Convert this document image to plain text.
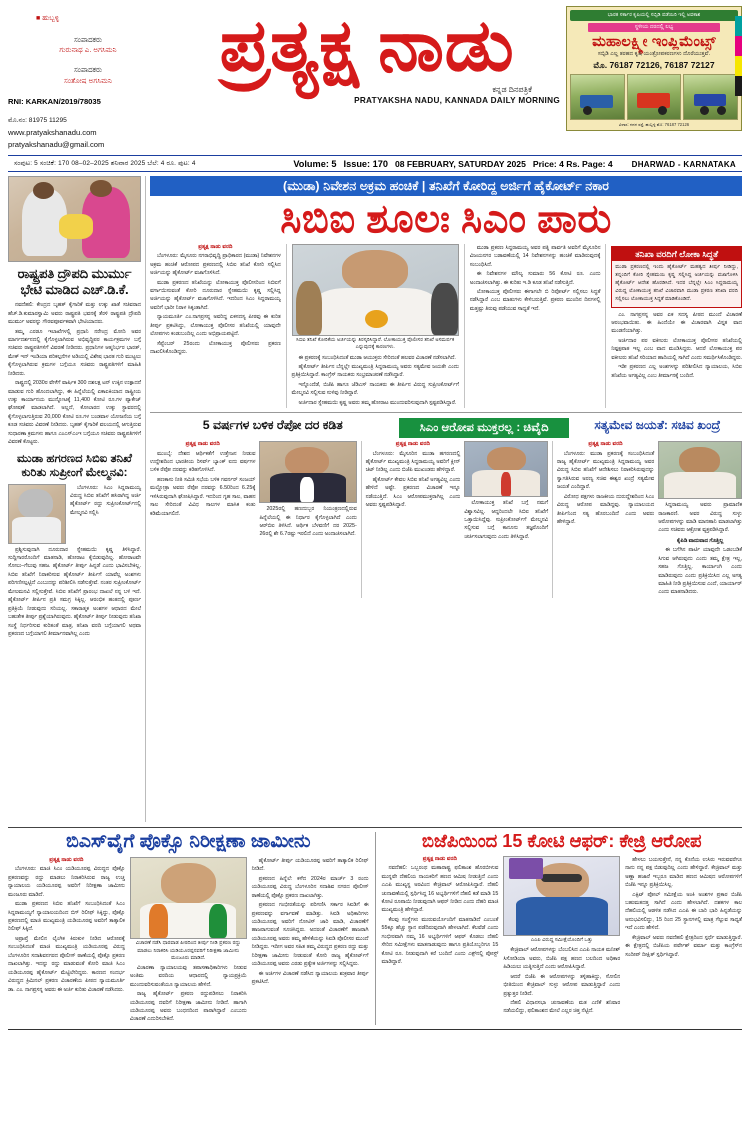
■ ಹುಬ್ಬಳ್ಳಿ
ಸಂಪಾದಕರು
ಗುರುನಾಥ ಎ. ಅಗಸಿಮನಿ
ಸಂಪಾದಕರು
ಸಂತೋಷ ಅಗಸಿಮನಿ
RNI: KARKAN/2019/78035
ಮೊ.ನಂ: 81975 11295
www.pratyakshanadu.com
pratyakshanadu@gmail.com
ಪ್ರತ್ಯಕ್ಷ ನಾಡು
ಕನ್ನಡ ದಿನಪತ್ರಿಕೆ
PRATYAKSHA NADU, KANNADA DAILY MORNING
ಭಾರತ ಸರ್ಕಾರ ಕೃಷಿಯಲ್ಲಿ ಸಬ್ಸಿಡಿ ಪಡೆಯಿರಿ ಇಲ್ಲಿ ಅವಕಾಶ
ಸ್ಥಳೀಯ ದರದಲ್ಲಿ ಲಭ್ಯ
ಮಹಾಲಕ್ಷ್ಮೀ ಇಂಪ್ಲಿಮೆಂಟ್ಸ್
ಸಬ್ಸಿಡಿ ಎಲ್ಲ ತರಹದ ಕೃಷಿ ಯಂತ್ರೋಪಕರಣಗಳು ದೊರೆಯುತ್ತವೆ.
ಮೊ. 76187 72126, 76187 72127
ವಿಳಾಸ: ಗದಗ ರಸ್ತೆ, ಹುಬ್ಬಳ್ಳಿ ಮೊ: 76187 72126
ಸಂಪುಟ: 5 ಸಂಚಿಕೆ: 170 08–02–2025 ಶನಿವಾರ 2025 ಬೆಲೆ: 4 ರೂ. ಪುಟ: 4	Volume: 5 Issue: 170 08 FEBRUARY, SATURDAY 2025 Price: 4 Rs. Page: 4 DHARWAD - KARNATAKA
ರಾಷ್ಟ್ರಪತಿ ದ್ರೌಪದಿ ಮುರ್ಮು ಭೇಟಿ ಮಾಡಿದ ಎಚ್.ಡಿ.ಕೆ.

ನವದೆಹಲಿ: ಕೇಂದ್ರದ ಬೃಹತ್ ಕೈಗಾರಿಕೆ ಮತ್ತು ಉಕ್ಕು ಖಾತೆ ಸಚಿವರಾದ ಹೆಚ್.ಡಿ.ಕುಮಾರಸ್ವಾಮಿ ಅವರು ರಾಷ್ಟ್ರಪತಿ ಭವನಕ್ಕೆ ತೆರಳಿ ರಾಷ್ಟ್ರಪತಿ ದ್ರೌಪದಿ ಮುರ್ಮು ಅವರನ್ನು ಗೌರವಪೂರ್ವಕವಾಗಿ ಭೇಟಿಯಾದರು.

ತಮ್ಮ ಎರಡೂ ಇಲಾಖೆಗಳಲ್ಲಿ ಪ್ರಧಾನಿ ನರೇಂದ್ರ ಮೋದಿ ಅವರ ಮಾರ್ಗದರ್ಶನದಲ್ಲಿ ಕೈಗೊಳ್ಳಲಾಗಿರುವ ಅಭಿವೃದ್ಧಿಪರ ಕಾರ್ಯಕ್ರಮಗಳ ಬಗ್ಗೆ ಸಚಿವರು ರಾಷ್ಟ್ರಪತಿಗಳಿಗೆ ವಿವರಣೆ ನೀಡಿದರು. ಪ್ರಧಾನಿಗಳ ಆತ್ಮನಿರ್ಭರ ಭಾರತ್, ಮೇಕ್ ಇನ್ ಇಂಡಿಯಾ ಪರಿಕಲ್ಪನೆಗಳ ಅಡಿಯಲ್ಲಿ ವಿಶೇಷ ಭಾರತ ಗುರಿ ಮುಟ್ಟಲು ಕೈಗೊಳ್ಳಲಾಗಿರುವ ಕ್ರಮಗಳ ಬಗ್ಗೆಯೂ ಸಚಿವರು ರಾಷ್ಟ್ರಪತಿಗಳಿಗೆ ಮಾಹಿತಿ ನೀಡಿದರು.

ರಾಷ್ಟ್ರದಲ್ಲಿ 2030ರ ವೇಳೆಗೆ ವಾರ್ಷಿಕ 300 ದಶಲಕ್ಷ ಟನ್ ಉಕ್ಕಿನ ಉತ್ಪಾದನೆ ಮಾಡುವ ಗುರಿ ಹೊಂದಲಾಗಿದ್ದು, ಈ ಹಿನ್ನೆಲೆಯಲ್ಲಿ ಏಕಾಏಕಿಯಾದ ರಾಷ್ಟ್ರೀಯ ಉಕ್ಕು ಕಾರ್ಯಾನಯ ಮುನ್ನೋಟಕ್ಕೆ 11,400 ಕೋಟಿ ರೂ.ಗಳ ಪ್ಯಾಕೇಜ್ ಘೋಷಣೆ ಮಾಡಲಾಗಿದೆ. ಅಲ್ಲದೆ, ಕೋಲಾರದ ಉಕ್ಕು ಸ್ಥಾವರದಲ್ಲಿ ಕೈಗೊಳ್ಳಲಾಗುತ್ತಿರುವ 20,000 ಕೋಟಿ ರೂ.ಗಳ ಬಂಡವಾಳ ಯೋಜನೆಯ ಬಗ್ಗೆ ಕೂಡ ಸಚಿವರು ವಿವರಣೆ ನೀಡಿದರು. ಬೃಹತ್ ಕೈಗಾರಿಕೆ ವಲಯದಲ್ಲಿ ಆಗುತ್ತಿರುವ ಸುಧಾರಣಾ ಕ್ರಮಗಳು ಹಾಗೂ ಎಂಎಸ್‌ಎಂಇ ಬಗ್ಗೆಯೂ ಸಚಿವರು ರಾಷ್ಟ್ರಪತಿಗಳಿಗೆ ವಿವರಣೆ ಕೊಟ್ಟರು.

ಮುಡಾ ಹಗರಣದ ಸಿಬಿಐ ತನಿಖೆ ಕುರಿತು ಸುಪ್ರೀಂಗೆ ಮೇಲ್ಮನವಿ:

ಬೆಂಗಳೂರು: ಸಿಎಂ ಸಿದ್ದರಾಮಯ್ಯ ವಿರುದ್ಧ ಸಿಬಿಐ ತನಿಖೆಗೆ ಹಸಿರಾಗಿದ್ದ ಅರ್ಜಿ ಹೈಕೋರ್ಟ್ ರದ್ದು ಸುಪ್ರೀಂಕೋರ್ಟ್‌ನಲ್ಲಿ ಮೇಲ್ಮನವಿ ಸಲ್ಲಿಸಿ

ಪ್ರಶ್ನಿಸುವುದಾಗಿ ದೂರುದಾರ ಸ್ನೇಹಮಯಿ ಕೃಷ್ಣ ತಿಳಿಸಿದ್ದಾರೆ. ಸುದ್ದಿಗಾರರೊಂದಿಗೆ ಮಾತನಾಡಿ, ಹೋರಾಟ ಕೈಬಿಡುವುದಿಲ್ಲ. ಹೋರಾಟವೇ ಸೋಲು–ಗೆಲುವು ಸಹಜ. ಹೈಕೋರ್ಟ್ ತೀರ್ಪು ಹಿನ್ನಡೆ ಎಂದು ಭಾವಿಸಬೇಕಿಲ್ಲ. ಸಿಬಿಐ ತನಿಖೆಗೆ ನಿರಾಕರಿಸುವ ಹೈಕೋರ್ಟ್ ತೀರ್ಪಿಗೆ ಯಾವೆಲ್ಲ ಅಂಶಗಳು ಪರಿಗಣಿಸಲ್ಪಟ್ಟಿದೆ ಎಂಬುದನ್ನು ಪರಿಶೀಲಿಸಿ ನಡೆಸುತ್ತೇವೆ. ನಂತರ ಸುಪ್ರೀಂಕೋರ್ಟ್ ಮೇಲಮನವಿ ಸಲ್ಲಿಸುತ್ತೇವೆ. ಸಿಬಿಐ ತನಿಖೆಗೆ ಪ್ರಾರಂಭ ದಾಖಲೆ ನನ್ನ ಬಳಿ ಇದೆ. ಹೈಕೋರ್ಟ್ ತೀರ್ಪಿನ ಪ್ರತಿ ಸಮಗ್ರ ಸಿಕ್ಕಿಲ್ಲ. ಆರಂಭಿಕ ಹಂತದಲ್ಲಿ ಪೂರ್ಣ ಪ್ರತಿಕ್ರಿಯೆ ನೀಡುವುದು ಸರಿಯಲ್ಲ. ಸಕಾರಾತ್ಮಕ ಅಂಶಗಳ ಆಧಾರದ ಮೇಲೆ ಬಹುತೇಕ ತೀರ್ಪು ಪ್ರಶ್ನೆಯಾಗಿರುವುದು. ಹೈಕೋರ್ಟ್ ತೀರ್ಪು ನೀಡುವುದು ತನಿಖಾ ಸಂಸ್ಥೆ ನಿರ್ಧರಿಸುವ ಕುರಿತಂತೆ ಮಾತ್ರ, ತನಿಖಾ ವರದಿ ಬಗ್ಗೆಯಾಗಲಿ ಅಥವಾ ಪ್ರಕರಣದ ಬಗ್ಗೆಯಾಗಲಿ ತೀರ್ಮಾನವಾಗಿಲ್ಲ ಎಂದು

(ಮುಡಾ) ನಿವೇಶನ ಅಕ್ರಮ ಹಂಚಿಕೆ | ತನಿಖೆಗೆ ಕೋರಿದ್ದ ಅರ್ಜಿಗೆ ಹೈಕೋರ್ಟ್ ನಕಾರ
ಸಿಬಿಐ ಶೂಲಃ ಸಿಎಂ ಪಾರು
ಪ್ರತ್ಯಕ್ಷ ನಾಡು ವರದಿ

ಬೆಂಗಳೂರು: ಮೈಸೂರು ನಗರಾಭಿವೃದ್ಧಿ ಪ್ರಾಧಿಕಾರದ (ಮುಡಾ) ನಿವೇಶನಗಳ ಅಕ್ರಮ ಹಂಚಿಕೆ ಆರೋಪದ ಪ್ರಕರಣದಲ್ಲಿ ಸಿಬಿಐ ತನಿಖೆ ಕೋರಿ ಸಲ್ಲಿಸಿದ ಅರ್ಜಿಯನ್ನು ಹೈಕೋರ್ಟ್ ವಜಾಗೊಳಿಸಿದೆ.

ಮುಡಾ ಪ್ರಕರಣದ ತನಿಖೆಯನ್ನು ಲೋಕಾಯುಕ್ತ ಪೊಲೀಸರಿಂದ ಸಿಬಿಐಗೆ ವರ್ಗಾಯಿಸುವಂತೆ ಕೋರಿ ದೂರುದಾರ ಸ್ನೇಹಮಯಿ ಕೃಷ್ಣ ಸಲ್ಲಿಸಿದ್ದ ಅರ್ಜಿಯನ್ನು ಹೈಕೋರ್ಟ್ ವಜಾಗೊಳಿಸಿದೆ. ಇದರಿಂದ ಸಿಎಂ ಸಿದ್ದರಾಮಯ್ಯ ಅವರಿಗೆ ಭಾರೀ ನಿರಾಳ ಸಿಕ್ಕಂತಾಗಿದೆ.

ನ್ಯಾಯಮೂರ್ತಿ ಎಂ.ನಾಗಪ್ರಸನ್ನ ಅವರಿದ್ದ ಏಕಸದಸ್ಯ ಪೀಠವು ಈ ಕುರಿತ ತೀರ್ಪು ಪ್ರಕಟಿಸಿದ್ದು, ಲೋಕಾಯುಕ್ತ ಪೊಲೀಸರ ತನಿಖೆಯಲ್ಲಿ ಯಾವುದೇ ಲೋಪಗಳು ಕಂಡುಬಂದಿಲ್ಲ ಎಂದು ಅಭಿಪ್ರಾಯಪಟ್ಟಿದೆ.

ಸೆಪ್ಟೆಂಬರ್ 25ರಂದು ಲೋಕಾಯುಕ್ತ ಪೊಲೀಸರು ಪ್ರಕರಣ ದಾಖಲಿಸಿಕೊಂಡಿದ್ದರು.

ಸಿಬಿಐ ತನಿಖೆ ಕೋರಿಕೆಯ ಅರ್ಜಿಯನ್ನು ತಿರಸ್ಕರಿಸಿದ್ದಾರೆ. ಲೋಕಾಯುಕ್ತ ಪೊಲೀಸರ ತನಿಖೆ ಅಸಮರ್ಪಕ ಎನ್ನುವುದಕ್ಕೆ ಕಾರಣಗಳು.

ಈ ಪ್ರಕರಣಕ್ಕೆ ಸಂಬಂಧಿಸಿದಂತೆ ಮುಡಾ ಆಯುಕ್ತರು ಸೇರಿದಂತೆ ಹಲವರ ವಿಚಾರಣೆ ನಡೆಸಲಾಗಿದೆ.

ಹೈಕೋರ್ಟ್ ತೀರ್ಪಿನ ಬೆನ್ನಲ್ಲೇ ಮುಖ್ಯಮಂತ್ರಿ ಸಿದ್ದರಾಮಯ್ಯ ಅವರು ಸತ್ಯಮೇವ ಜಯತೇ ಎಂದು ಪ್ರತಿಕ್ರಿಯಿಸಿದ್ದಾರೆ. ಕಾಂಗ್ರೆಸ್ ನಾಯಕರು ಸಂಭ್ರಮಾಚರಣೆ ನಡೆಸಿದ್ದಾರೆ.

ಇನ್ನೊಂದೆಡೆ, ಬಿಜೆಪಿ ಹಾಗೂ ಜೆಡಿಎಸ್ ನಾಯಕರು ಈ ತೀರ್ಪಿನ ವಿರುದ್ಧ ಸುಪ್ರೀಂಕೋರ್ಟ್‌ಗೆ ಮೇಲ್ಮನವಿ ಸಲ್ಲಿಸುವ ಸುಳಿವು ನೀಡಿದ್ದಾರೆ.

ಅರ್ಜಿದಾರ ಸ್ನೇಹಮಯಿ ಕೃಷ್ಣ ಅವರು ತಮ್ಮ ಹೋರಾಟ ಮುಂದುವರಿಸುವುದಾಗಿ ಸ್ಪಷ್ಟಪಡಿಸಿದ್ದಾರೆ.

ಮುಡಾ ಪ್ರಕರಣ ಸಿದ್ದರಾಮಯ್ಯ ಅವರ ಪತ್ನಿ ಪಾರ್ವತಿ ಅವರಿಗೆ ಮೈಸೂರಿನ ವಿಜಯನಗರ ಬಡಾವಣೆಯಲ್ಲಿ 14 ನಿವೇಶನಗಳನ್ನು ಹಂಚಿಕೆ ಮಾಡಿರುವುದಕ್ಕೆ ಸಂಬಂಧಿಸಿದೆ.

ಈ ನಿವೇಶನಗಳ ಮೌಲ್ಯ ಸುಮಾರು 56 ಕೋಟಿ ರೂ. ಎಂದು ಅಂದಾಜಿಸಲಾಗಿತ್ತು. ಈ ಕುರಿತು ಇ.ಡಿ ಕೂಡ ತನಿಖೆ ನಡೆಸುತ್ತಿದೆ.

ಲೋಕಾಯುಕ್ತ ಪೊಲೀಸರು ಈಗಾಗಲೇ ಬಿ ರಿಪೋರ್ಟ್ ಸಲ್ಲಿಸಲು ಸಿದ್ಧತೆ ನಡೆಸಿದ್ದಾರೆ ಎಂಬ ಮಾತುಗಳು ಕೇಳಿಬರುತ್ತಿವೆ. ಪ್ರಕರಣ ಮುಂದಿನ ದಿನಗಳಲ್ಲಿ ಮತ್ತಷ್ಟು ತಿರುವು ಪಡೆಯುವ ಸಾಧ್ಯತೆ ಇದೆ.

ತನಿಖಾ ವರದಿಗೆ ಲೋಕಾ ಸಿದ್ಧತೆ
ಮುಡಾ ಪ್ರಕರಣದಲ್ಲಿ ಇಂದು ಹೈಕೋರ್ಟ್ ಮಹತ್ವದ ತೀರ್ಪು ನೀಡಿದ್ದು, ತನ್ನಂದಿಗೆ ಕೋರಿ ಸ್ನೇಹಮಯಿ ಕೃಷ್ಣ ಸಲ್ಲಿಸಿದ್ದ ಅರ್ಜಿಯನ್ನು ವಜಾಗೊಳಿಸಿ ಹೈಕೋರ್ಟ್ ಆದೇಶ ಹೊರಡಿಸಿದೆ. ಇದರ ಬೆನ್ನಲ್ಲೇ ಸಿಎಂ ಸಿದ್ದರಾಮಯ್ಯ ವಿರುದ್ಧ ಲೋಕಾಯುಕ್ತ ತನಿಖೆ ವಿಚಾರವಾಗಿ ಮುಡಾ ಪ್ರಕರಣ ತನಿಖಾ ವರದಿ ಸಲ್ಲಿಸಲು ಲೋಕಾಯುಕ್ತ ಸಿದ್ಧತೆ ಮಾಡಿಕೊಂಡಿದೆ.

ಎಂ. ನಾಗಪ್ರಸನ್ನ ಅವರ ಏಕ ಸದಸ್ಯ ಪೀಠದ ಮುಂದೆ ವಿಚಾರಣೆ ಆರಂಭವಾಯಿತು. ಈ ಹಿಂದೆಯೇ ಈ ವಿಚಾರವಾಗಿ ವಿಸ್ತೃತ ವಾದ ಮಂಡನೆಯಾಗಿತ್ತು.

ಅರ್ಜಿದಾರ ಪರ ವಕೀಲರು ಲೋಕಾಯುಕ್ತ ಪೊಲೀಸರ ತನಿಖೆಯಲ್ಲಿ ನಿಷ್ಪಕ್ಷಪಾತ ಇಲ್ಲ ಎಂಬ ವಾದ ಮಂಡಿಸಿದ್ದರು. ಆದರೆ ಲೋಕಾಯುಕ್ತ ಪರ ವಕೀಲರು ತನಿಖೆ ಸರಿಯಾದ ಹಾದಿಯಲ್ಲಿ ಸಾಗಿದೆ ಎಂದು ಸಮರ್ಥಿಸಿಕೊಂಡಿದ್ದರು.

ಇಡೀ ಪ್ರಕರಣದ ಎಲ್ಲ ಅಂಶಗಳನ್ನು ಪರಿಶೀಲಿಸಿದ ನ್ಯಾಯಾಲಯ, ಸಿಬಿಐ ತನಿಖೆಯ ಅಗತ್ಯವಿಲ್ಲ ಎಂಬ ತೀರ್ಮಾನಕ್ಕೆ ಬಂದಿದೆ.

5 ವರ್ಷಗಳ ಬಳಿಕ ರೆಪೋ ದರ ಕಡಿತ	ಸಿಎಂ ಆರೋಪ ಮುಕ್ತರಲ್ಲ : ಚಿವೈದಿ	ಸತ್ಯಮೇವ ಜಯತೆ: ಸಚಿವ ಖಂದ್ರೆ
ಪ್ರತ್ಯಕ್ಷ ನಾಡು ವರದಿ

ಮುಂಬೈ: ದೇಶದ ಆರ್ಥಿಕತೆಗೆ ಉತ್ತೇಜನ ನೀಡುವ ಉದ್ದೇಶದಿಂದ ಭಾರತೀಯ ರಿಸರ್ವ್ ಬ್ಯಾಂಕ್ ಐದು ವರ್ಷಗಳ ಬಳಿಕ ರೆಪೋ ದರವನ್ನು ಕಡಿತಗೊಳಿಸಿದೆ.

ಹಣಕಾಸು ನೀತಿ ಸಮಿತಿ ಸಭೆಯ ಬಳಿಕ ಗವರ್ನರ್ ಸಂಜಯ್ ಮಲ್ಹೋತ್ರಾ ಅವರು ರೆಪೋ ದರವನ್ನು 6.50ರಿಂದ 6.25ಕ್ಕೆ ಇಳಿಸಿರುವುದಾಗಿ ಘೋಷಿಸಿದ್ದಾರೆ. ಇದರಿಂದ ಗೃಹ ಸಾಲ, ವಾಹನ ಸಾಲ ಸೇರಿದಂತೆ ವಿವಿಧ ಸಾಲಗಳ ಮಾಸಿಕ ಕಂತು ಕಡಿಮೆಯಾಗಲಿದೆ.

2025ರಲ್ಲಿ ಹಣದುಬ್ಬರ ನಿಯಂತ್ರಣದಲ್ಲಿರುವ ಹಿನ್ನೆಲೆಯಲ್ಲಿ ಈ ನಿರ್ಧಾರ ಕೈಗೊಳ್ಳಲಾಗಿದೆ ಎಂದು ಆರ್‌ಬಿಐ ತಿಳಿಸಿದೆ. ಆರ್ಥಿಕ ಬೆಳವಣಿಗೆ ದರ 2025-26ರಲ್ಲಿ ಶೇ 6.7ರಷ್ಟು ಇರಲಿದೆ ಎಂದು ಅಂದಾಜಿಸಲಾಗಿದೆ.

ಪ್ರತ್ಯಕ್ಷ ನಾಡು ವರದಿ

ಬೆಂಗಳೂರು: ಮೈಸೂರಿನ ಮುಡಾ ಹಗರಣದಲ್ಲಿ ಹೈಕೋರ್ಟ್ ಮುಖ್ಯಮಂತ್ರಿ ಸಿದ್ದರಾಮಯ್ಯ ಅವರಿಗೆ ಕ್ಲೀನ್ ಚಿಟ್ ನೀಡಿಲ್ಲ ಎಂದು ಬಿಜೆಪಿ ಮುಖಂಡರು ಹೇಳಿದ್ದಾರೆ.

ಹೈಕೋರ್ಟ್ ಕೇವಲ ಸಿಬಿಐ ತನಿಖೆ ಅಗತ್ಯವಿಲ್ಲ ಎಂದು ಹೇಳಿದೆ ಅಷ್ಟೇ. ಪ್ರಕರಣದ ವಿಚಾರಣೆ ಇನ್ನೂ ನಡೆಯುತ್ತಿದೆ. ಸಿಎಂ ಆರೋಪಮುಕ್ತರಾಗಿಲ್ಲ ಎಂದು ಅವರು ಸ್ಪಷ್ಟಪಡಿಸಿದ್ದಾರೆ.	ಲೋಕಾಯುಕ್ತ ತನಿಖೆ ಬಗ್ಗೆ ನಮಗೆ ವಿಶ್ವಾಸವಿಲ್ಲ. ಆದ್ದರಿಂದಲೇ ಸಿಬಿಐ ತನಿಖೆಗೆ ಒತ್ತಾಯಿಸಿದ್ದೆವು. ಸುಪ್ರೀಂಕೋರ್ಟ್‌ಗೆ ಮೇಲ್ಮನವಿ ಸಲ್ಲಿಸುವ ಬಗ್ಗೆ ಕಾನೂನು ತಜ್ಞರೊಂದಿಗೆ ಚರ್ಚಿಸಲಾಗುವುದು ಎಂದು ತಿಳಿಸಿದ್ದಾರೆ.

ಪ್ರತ್ಯಕ್ಷ ನಾಡು ವರದಿ

ಬೆಂಗಳೂರು: ಮುಡಾ ಪ್ರಕರಣಕ್ಕೆ ಸಂಬಂಧಿಸಿದಂತೆ ರಾಜ್ಯ ಹೈಕೋರ್ಟ್ ಮುಖ್ಯಮಂತ್ರಿ ಸಿದ್ದರಾಮಯ್ಯ ಅವರ ವಿರುದ್ಧ ಸಿಬಿಐ ತನಿಖೆಗೆ ಆದೇಶಿಸಲು ನಿರಾಕರಿಸಿರುವುದನ್ನು ಸ್ವಾಗತಿಸಿರುವ ಅರಣ್ಯ ಸಚಿವ ಈಶ್ವರ ಖಂದ್ರೆ ಸತ್ಯಮೇವ ಜಯತೆ ಎಂದಿದ್ದಾರೆ.

ವಿರೋಧ ಪಕ್ಷಗಳು ರಾಜಕೀಯ ದುರುದ್ದೇಶದಿಂದ ಸಿಎಂ ವಿರುದ್ಧ ಆರೋಪ ಮಾಡಿದ್ದವು. ನ್ಯಾಯಾಲಯದ ತೀರ್ಪಿನಿಂದ ಸತ್ಯ ಹೊರಬಂದಿದೆ ಎಂದು ಅವರು ಹೇಳಿದ್ದಾರೆ.

ಸಿದ್ದರಾಮಯ್ಯ ಅವರು ಪ್ರಾಮಾಣಿಕ ರಾಜಕಾರಣಿ. ಅವರ ವಿರುದ್ಧ ಸುಳ್ಳು ಆರೋಪಗಳನ್ನು ಮಾಡಿ ಮಾನಹಾನಿ ಮಾಡಲಾಗಿತ್ತು ಎಂದು ಸಚಿವರು ಆಕ್ರೋಶ ವ್ಯಕ್ತಪಡಿಸಿದ್ದಾರೆ.

ಕೈಪಿಡಿ ವಾದುವಾದ ಗೊತ್ತಿಲ್ಲ

ಈ ಬಗೆಗಿನ ಪಾರ್ಟಿ ಯಾವುದೇ ಒಡಂಬಡಿಕೆ ಸಿಗುವ ಆಗಿರುವುದು ಎಂದು ತಮ್ಮ ಕ್ಷೇತ್ರ ಇಲ್ಲ, ಸಹಜ ಗೊತ್ತಿಲ್ಲ. ಕಾರ್ಯಾಂಗಿ ಎಂದು ಮಾಡಿರುವುದು ಎಂದು ಪ್ರತಿಕ್ರಿಯಿಸಿದ ಎಲ್ಲ ಅಗತ್ಯ ಮಾಹಿತಿ ನೀಡಿ ಪ್ರತಿಕ್ರಿಯಿಸುವ ಎಂದೆ, ಯಾರ್ಯಾರ್ ಎಂದು ಮಾತನಾಡಿದರು.

ಬಿಎಸ್‌ವೈಗೆ ಪೊಕ್ಸೊ ನಿರೀಕ್ಷಣಾ ಜಾಮೀನು
ಪ್ರತ್ಯಕ್ಷ ನಾಡು ವರದಿ

ಬೆಂಗಳೂರು: ಮಾಜಿ ಸಿಎಂ ಯಡಿಯೂರಪ್ಪ ವಿರುದ್ಧದ ಪೊಕ್ಸೊ ಪ್ರಕರಣವನ್ನು ರದ್ದು ಮಾಡಲು ನಿರಾಕರಿಸಿರುವ ರಾಜ್ಯ ಉಚ್ಚ ನ್ಯಾಯಾಲಯ ಯಡಿಯೂರಪ್ಪ ಅವರಿಗೆ ನಿರೀಕ್ಷಣಾ ಜಾಮೀನು ಮಂಜೂರು ಮಾಡಿದೆ.

ಮುಡಾ ಪ್ರಕರಣದ ಸಿಬಿಐ ತನಿಖೆಗೆ ಸಂಬಂಧಿಸಿದಂತೆ ಸಿಎಂ ಸಿದ್ದರಾಮಯ್ಯಗೆ ನ್ಯಾಯಾಲಯದಿಂದ ಬಿಗ್ ರಿಲೀಫ್ ಸಿಕ್ಕಿದ್ದು, ಪೊಕ್ಸೊ ಪ್ರಕರಣದಲ್ಲಿ ಮಾಜಿ ಮುಖ್ಯಮಂತ್ರಿ ಯಡಿಯೂರಪ್ಪ ಅವರಿಗೆ ತಾತ್ಕಾಲಿಕ ರಿಲೀಫ್ ಸಿಕ್ಕಿದೆ.

ಅಪ್ರಾಪ್ತೆ ಮೇಲಿನ ಲೈಂಗಿಕ ಕಿರುಕುಳ ನೀಡಿದ ಆರೋಪಕ್ಕೆ ಸಂಬಂಧಿಸಿದಂತೆ ಮಾಜಿ ಮುಖ್ಯಮಂತ್ರಿ ಯಡಿಯೂರಪ್ಪ ವಿರುದ್ಧ ಬೆಂಗಳೂರಿನ ಸದಾಶಿವನಗರದ ಪೊಲೀಸ್ ಠಾಣೆಯಲ್ಲಿ ಪೊಕ್ಸೊ ಪ್ರಕರಣ ದಾಖಲಾಗಿತ್ತು. ಇದನ್ನು ರದ್ದು ಮಾಡುವಂತೆ ಕೋರಿ ಮಾಜಿ ಸಿಎಂ ಯಡಿಯೂರಪ್ಪ ಹೈಕೋರ್ಟ್ ಮೆಟ್ಟಿಲೇರಿದ್ದರು. ಕಾರಣದ ಸಂದರ್ಭ ವಿರುದ್ಧದ ಕ್ರಿಮಿನಲ್ ಪ್ರಕರಣ ವಿಚಾರಣೆಯ ಪೀಠದ ನ್ಯಾಯಮೂರ್ತಿ ಡಾ. ಎಂ. ನಾಗಪ್ರಸನ್ನ ಅವರು ಈ ಅರ್ಜಿ ಕುರಿತು ವಿಚಾರಣೆ ನಡೆಸಿದರು.

ವಿಚಾರಣೆ ನಡೆಸಿ ಧಾರವಾಡ ಪೀಠದಿಂದ ತೀರ್ಪು ನೀಡಿ ಪ್ರಕರಣ ರದ್ದು ಮಾಡಲು ನಿರಾಕರಿಸಿ ಯಡಿಯೂರಪ್ಪನವರಿಗೆ ನಿರೀಕ್ಷಣಾ ಜಾಮೀನು ಮಂಜೂರು ಮಾಡಿದೆ.

ವಿಚಾರಣಾ ನ್ಯಾಯಾಲಯವು ತಪಾಸಣಾಧಿಕಾರಿಗಳು ನೀಡುವ ಅಂತಿಮ ವರದಿಯ ಆಧಾರದಲ್ಲಿ ನ್ಯಾಯಪ್ರಕ್ರಿಯೆ ಮುಂದುವರಿಸುವಂತೆಯೂ ನ್ಯಾಯಾಲಯ ಹೇಳಿದೆ.

ರಾಜ್ಯ ಹೈಕೋರ್ಟ್ ಪ್ರಕರಣ ರದ್ದುಪಡಿಸಲು ನಿರಾಕರಿಸಿ ಯಡಿಯೂರಪ್ಪ ದವರಿಗೆ ನಿರೀಕ್ಷಣಾ ಜಾಮೀನು ನೀಡಿದೆ. ಹಾಗಾಗಿ ಯಡಿಯೂರಪ್ಪ ಅವರು ಬಂಧನದಿಂದ ಪಾರಾಗಿದ್ದಾರೆ ಎಂಬುದು ವಿಚಾರಣೆ ಎದುರಿಸಬೇಕಿದೆ.

ಹೈಕೋರ್ಟ್ ತೀರ್ಪು ಯಡಿಯೂರಪ್ಪ ಅವರಿಗೆ ತಾತ್ಕಾಲಿಕ ರಿಲೀಫ್ ನೀಡಿದೆ.

ಪ್ರಕರಣದ ಹಿನ್ನೆಲೆ: ಕಳೆದ 2024ರ ಮಾರ್ಚ್ 3 ರಂದು ಯಡಿಯೂರಪ್ಪ ವಿರುದ್ಧ ಬೆಂಗಳೂರಿನ ಸದಾಶಿವ ನಗರದ ಪೊಲೀಸ್ ಠಾಣೆಯಲ್ಲಿ ಪೊಕ್ಸೊ ಪ್ರಕರಣ ದಾಖಲಾಗಿತ್ತು.

ಪ್ರಕರಣದ ಗಂಭೀರತೆಯನ್ನು ಪರಿಗಣಿಸಿ ಸರ್ಕಾರ ಸಿಐಡಿಗೆ ಈ ಪ್ರಕರಣವನ್ನು ವರ್ಗಾವಣೆ ಮಾಡಿತ್ತು. ಸಿಐಡಿ ಅಧಿಕಾರಿಗಳು ಯಡಿಯೂರಪ್ಪ ಅವರಿಗೆ ನೋಟಿಸ್ ಜಾರಿ ಮಾಡಿ, ವಿಚಾರಣೆಗೆ ಹಾಜರಾಗುವಂತೆ ಸೂಚಿಸಿದ್ದರು. ಅದರಂತೆ ವಿಚಾರಣೆಗೆ ಹಾಜರಾಗಿ ಯಡಿಯೂರಪ್ಪ ಅವರು ತಮ್ಮ ಹೇಳಿಕೆಯನ್ನು ಸಿಐಡಿ ಪೊಲೀಸರ ಮುಂದೆ ನೀಡಿದ್ದರು. ಇದೀಗ ಅವರ ಸಹಿತ ತಮ್ಮ ವಿರುದ್ಧದ ಪ್ರಕರಣ ರದ್ದು ಮತ್ತು ನಿರೀಕ್ಷಣಾ ಜಾಮೀನು ನೀಡುವಂತೆ ಕೋರಿ ರಾಜ್ಯ ಹೈಕೋರ್ಟ್‌ಗೆ ಯಡಿಯೂರಪ್ಪ ಅವರು ಎರಡು ಪ್ರತ್ಯೇಕ ಅರ್ಜಿಗಳನ್ನು ಸಲ್ಲಿಸಿದ್ದರು.

ಈ ಅರ್ಜಿಗಳ ವಿಚಾರಣೆ ನಡೆಸಿದ ನ್ಯಾಯಾಲಯ ಶುಕ್ರವಾರ ತೀರ್ಪು ಪ್ರಕಟಿಸಿದೆ.

ಬಿಜೆಪಿಯಿಂದ 15 ಕೋಟಿ ಆಫರ್: ಕೇಜ್ರಿ ಆರೋಪ
ಪ್ರತ್ಯಕ್ಷ ನಾಡು ವರದಿ

ನವದೆಹಲಿ: ಒಬ್ಬರಂಥ ಮಹಾರಾಷ್ಟ್ರ ಫಲಿತಾಂಶ ಹೊರಬೀಳುವ ಮುನ್ನವೇ ದೆಹಲಿಯ ನಾಯಕರಿಗೆ ಹಣದ ಆಮಿಷ ನೀಡುತ್ತಿದೆ ಎಂದು ಎಎಪಿ ಮುಖ್ಯಸ್ಥ ಅರವಿಂದ ಕೇಜ್ರಿವಾಲ್ ಆರೋಪಿಸಿದ್ದಾರೆ. ದೆಹಲಿ ಚುನಾವಣೆಯಲ್ಲಿ ಸ್ಪರ್ಧಿಸಿದ್ದ 16 ಅಭ್ಯರ್ಥಿಗಳಿಗೆ ದೆಹಲಿ ಕಡೆ ಮಾಡಿ 15 ಕೋಟಿ ರೂಪಾಯಿ ನೀಡುವುದಾಗಿ ಆಫರ್ ನೀಡಿದ ಎಂದು ದೆಹರಿ ಮಾಜಿ ಮುಖ್ಯಮಂತ್ರಿ ಹೇಳಿದ್ದಾರೆ.

ಕೆಲವು ಸಂಸ್ಥೆಗಳು ಮುರುವರ್ಯೊಂದಿಗೆ ಮಾತನಾಡಿದೆ ಎಂಬಂತೆ 55ಕ್ಕೂ ಹೆಚ್ಚು ಸ್ಥಾನ ಪಡೆದಿರುವುದಾಗಿ ಹೇಳಲಾಗಿದೆ. ಕೆಲವೆಡೆ ಎಂದು ಗಂಭೀರವಾಗಿ ನಮ್ಮ 16 ಅಭ್ಯರ್ಥಿಗಳಿಗೆ ಆಫರ್ ಕೊಡಲು ದೆಹಲಿ ಸೇರಿದ ಸಮೀಕ್ಷೆಗಳು ಮಾತನಾಡುವುದು ಹಾಗೂ ಪ್ರತಿಯೊಬ್ಬರಿಗೂ 15 ಕೋಟಿ ರೂ. ನೀಡುವುದಾಗಿ ಕರೆ ಬಂದಿದೆ ಎಂದು ಎಕ್ಸ್‌ನಲ್ಲಿ ಪೋಸ್ಟ್ ಮಾಡಿದ್ದಾರೆ.

ಎಎಪಿ ವಿರುದ್ಧ ಸಮೀಕ್ಷೆಯೊಂದಿಗೆ ಒತ್ತು

ಕೇಜ್ರಿವಾಲ್ ಆರೋಪಗಳನ್ನು ಬೆಂಬಲಿಸಿದ ಎಎಪಿ ನಾಯಕ ಮನೀಶ್ ಸಿಸೋಡಿಯಾ ಅವರು, ಬಿಜೆಪಿ ಪಕ್ಷ ಹಣದ ಬಲದಿಂದ ಅಧಿಕಾರ ಹಿಡಿಯಲು ಯತ್ನಿಸುತ್ತಿದೆ ಎಂದು ಆರೋಪಿಸಿದ್ದಾರೆ.

ಆದರೆ ಬಿಜೆಪಿ ಈ ಆರೋಪಗಳನ್ನು ತಳ್ಳಿಹಾಕಿದ್ದು, ಸೋಲಿನ ಭೀತಿಯಿಂದ ಕೇಜ್ರಿವಾಲ್ ಸುಳ್ಳು ಆರೋಪ ಮಾಡುತ್ತಿದ್ದಾರೆ ಎಂದು ಪ್ರತ್ಯುತ್ತರ ನೀಡಿದೆ.

ದೆಹಲಿ ವಿಧಾನಸಭಾ ಚುನಾವಣೆಯ ಮತ ಎಣಿಕೆ ಶನಿವಾರ ನಡೆಯಲಿದ್ದು, ಫಲಿತಾಂಶದ ಮೇಲೆ ಎಲ್ಲರ ಚಿತ್ತ ನೆಟ್ಟಿದೆ.

ಹೇಳಲು ಬಯಸುತ್ತೇನೆ, ನನ್ನ ಕೊನೆಯ ಉಸಿರು ಇರುವವರೆಗೂ ನಾನು ನನ್ನ ಪಕ್ಷ ಬಿಡುವುದಿಲ್ಲ ಎಂದು ಹೇಳಿದ್ದಾರೆ. ಕೇಜ್ರಿವಾಲ್ ಮತ್ತು ಅಣ್ಣಾ ಹಜಾರೆ ಇಬ್ಬರೂ ಮಾಡಿದ ಹಣದ ಆಮಿಷದ ಆರೋಪಗಳಿಗೆ ಬಿಜೆಪಿ ಇನ್ನೂ ಪ್ರತಿಕ್ರಿಯಿಸಿಲ್ಲ.

ಎಕ್ಸಿಟ್ ಪೋಲ್ ಸಮೀಕ್ಷೆಯ ಅಂಕಿ ಅಂಶಗಳ ಪ್ರಕಾರ ಬಿಜೆಪಿ ಬಹುಮತದತ್ತ ಸಾಗಿದೆ ಎಂದು ಹೇಳಲಾಗಿದೆ. ದಶಕಗಳ ಕಾಲ ದೆಹಲಿಯಲ್ಲಿ ಆಡಳಿತ ನಡೆಸಿದ ಎಎಪಿ ಈ ಬಾರಿ ಭಾರಿ ಹಿನ್ನಡೆಯನ್ನು ಅನುಭವಿಸಲಿದ್ದು, 15 ರಿಂದ 25 ಸ್ಥಾನಗಳಲ್ಲಿ ಮಾತ್ರ ಗೆಲ್ಲುವ ಸಾಧ್ಯತೆ ಇದೆ ಎಂದು ಹೇಳಿದೆ.

ಕೇಜ್ರಿವಾಲ್ ಅವರು ನವದೆಹಲಿ ಕ್ಷೇತ್ರದಿಂದ ಸ್ಪರ್ಧೆ ಮಾಡುತ್ತಿದ್ದಾರೆ. ಈ ಕ್ಷೇತ್ರದಲ್ಲಿ ಬಿಜೆಪಿಯ ಪರ್ವೇಶ್ ವರ್ಮಾ ಮತ್ತು ಕಾಂಗ್ರೆಸ್‌ನ ಸಂದೀಪ್ ದೀಕ್ಷಿತ್ ಸ್ಪರ್ಧಿಸಿದ್ದಾರೆ.
